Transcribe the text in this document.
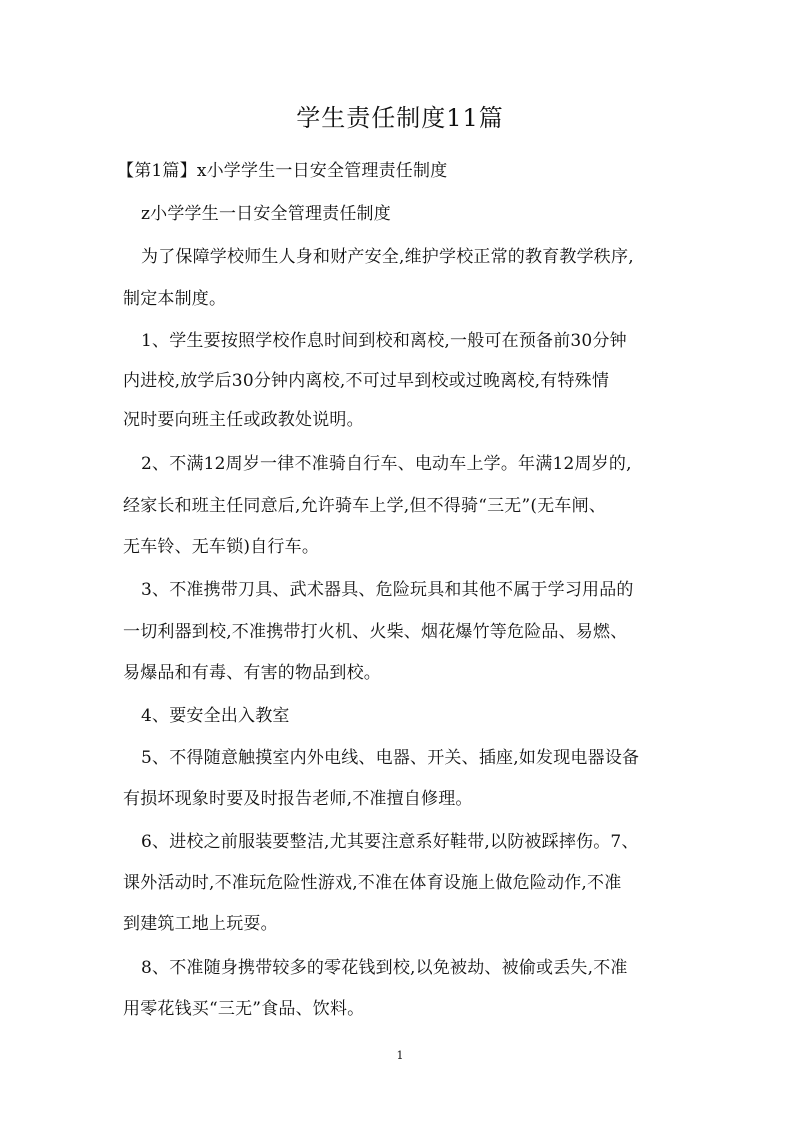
学生责任制度11篇
【第1篇】x小学学生一日安全管理责任制度
z小学学生一日安全管理责任制度
为了保障学校师生人身和财产安全,维护学校正常的教育教学秩序,
制定本制度。
1、学生要按照学校作息时间到校和离校,一般可在预备前30分钟
内进校,放学后30分钟内离校,不可过早到校或过晚离校,有特殊情
况时要向班主任或政教处说明。
2、不满12周岁一律不准骑自行车、电动车上学。年满12周岁的,
经家长和班主任同意后,允许骑车上学,但不得骑“三无”(无车闸、
无车铃、无车锁)自行车。
3、不准携带刀具、武术器具、危险玩具和其他不属于学习用品的
一切利器到校,不准携带打火机、火柴、烟花爆竹等危险品、易燃、
易爆品和有毒、有害的物品到校。
4、要安全出入教室
5、不得随意触摸室内外电线、电器、开关、插座,如发现电器设备
有损坏现象时要及时报告老师,不准擅自修理。
6、进校之前服装要整洁,尤其要注意系好鞋带,以防被踩摔伤。7、
课外活动时,不准玩危险性游戏,不准在体育设施上做危险动作,不准
到建筑工地上玩耍。
8、不准随身携带较多的零花钱到校,以免被劫、被偷或丢失,不准
用零花钱买“三无”食品、饮料。
1
